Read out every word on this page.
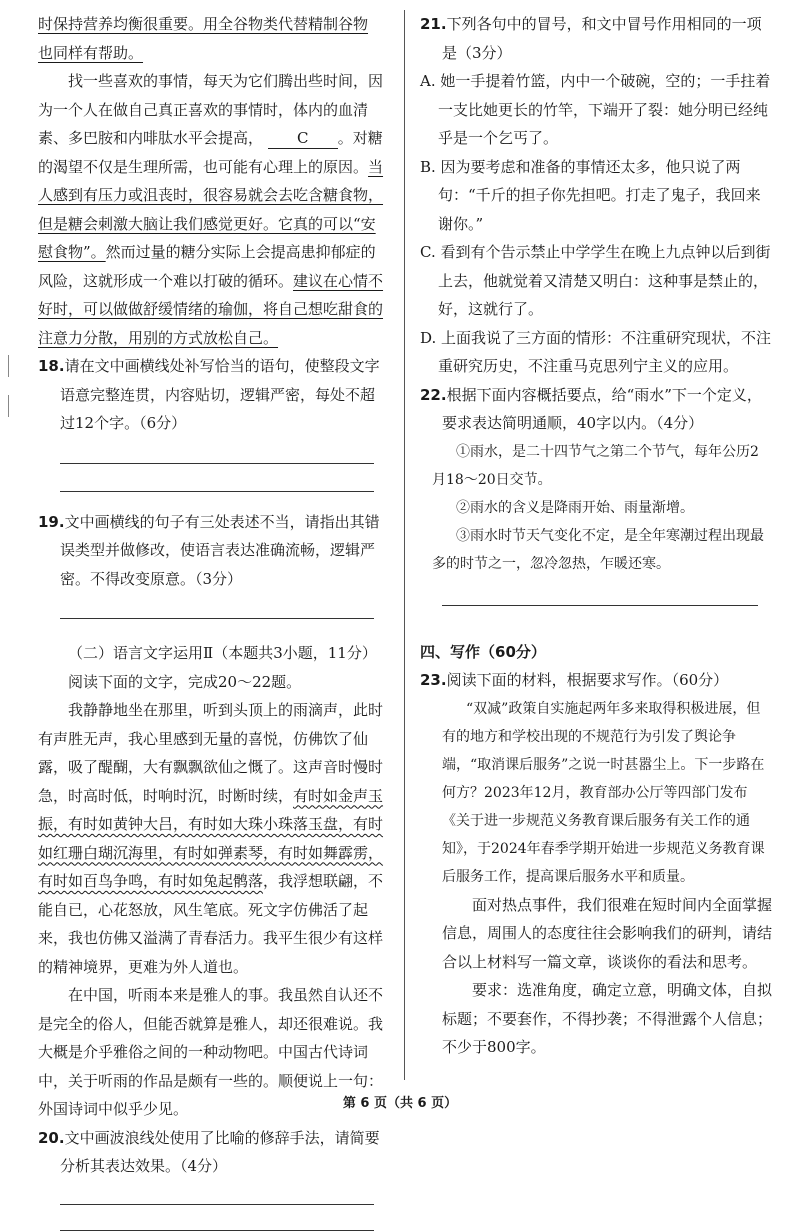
时保持营养均衡很重要。用全谷物类代替精制谷物
也同样有帮助。

找一些喜欢的事情，每天为它们腾出些时间，因为一个人在做自己真正喜欢的事情时，体内的血清素、多巴胺和内啡肽水平会提高， C 。对糖的渴望不仅是生理所需，也可能有心理上的原因。当人感到有压力或沮丧时，很容易就会去吃含糖食物，但是糖会刺激大脑让我们感觉更好。它真的可以“安慰食物”。然而过量的糖分实际上会提高患抑郁症的风险，这就形成一个难以打破的循环。建议在心情不好时，可以做做舒缓情绪的瑜伽，将自己想吃甜食的注意力分散，用别的方式放松自己。

18.请在文中画横线处补写恰当的语句，使整段文字语意完整连贯，内容贴切，逻辑严密，每处不超过12个字。（6分）
19.文中画横线的句子有三处表述不当，请指出其错误类型并做修改，使语言表达准确流畅，逻辑严密。不得改变原意。（3分）

（二）语言文字运用Ⅱ（本题共3小题，11分）

阅读下面的文字，完成20～22题。

我静静地坐在那里，听到头顶上的雨滴声，此时有声胜无声，我心里感到无量的喜悦，仿佛饮了仙露，吸了醍醐，大有飘飘欲仙之慨了。这声音时慢时急，时高时低，时响时沉，时断时续，有时如金声玉振，有时如黄钟大吕，有时如大珠小珠落玉盘，有时如红珊白瑚沉海里，有时如弹素琴，有时如舞霹雳，有时如百鸟争鸣，有时如兔起鹘落，我浮想联翩，不能自已，心花怒放，风生笔底。死文字仿佛活了起来，我也仿佛又溢满了青春活力。我平生很少有这样的精神境界，更难为外人道也。

在中国，听雨本来是雅人的事。我虽然自认还不是完全的俗人，但能否就算是雅人，却还很难说。我大概是介乎雅俗之间的一种动物吧。中国古代诗词中，关于听雨的作品是颇有一些的。顺便说上一句：外国诗词中似乎少见。

20.文中画波浪线处使用了比喻的修辞手法，请简要分析其表达效果。（4分）
21.下列各句中的冒号，和文中冒号作用相同的一项是（3分）

A. 她一手提着竹篮，内中一个破碗，空的；一手拄着一支比她更长的竹竿，下端开了裂：她分明已经纯乎是一个乞丐了。

B. 因为要考虑和准备的事情还太多，他只说了两句：“千斤的担子你先担吧。打走了鬼子，我回来谢你。”

C. 看到有个告示禁止中学学生在晚上九点钟以后到街上去，他就觉着又清楚又明白：这种事是禁止的，好，这就行了。

D. 上面我说了三方面的情形：不注重研究现状，不注重研究历史，不注重马克思列宁主义的应用。

22.根据下面内容概括要点，给“雨水”下一个定义，要求表达简明通顺，40字以内。（4分）

①雨水，是二十四节气之第二个节气，每年公历2月18～20日交节。

②雨水的含义是降雨开始、雨量渐增。

③雨水时节天气变化不定，是全年寒潮过程出现最多的时节之一，忽冷忽热，乍暖还寒。

四、写作（60分）

23.阅读下面的材料，根据要求写作。（60分）

“双减”政策自实施起两年多来取得积极进展，但有的地方和学校出现的不规范行为引发了舆论争端，“取消课后服务”之说一时甚嚣尘上。下一步路在何方？2023年12月，教育部办公厅等四部门发布《关于进一步规范义务教育课后服务有关工作的通知》，于2024年春季学期开始进一步规范义务教育课后服务工作，提高课后服务水平和质量。

面对热点事件，我们很难在短时间内全面掌握信息，周围人的态度往往会影响我们的研判，请结合以上材料写一篇文章，谈谈你的看法和思考。

要求：选准角度，确定立意，明确文体，自拟标题；不要套作，不得抄袭；不得泄露个人信息；不少于800字。

第 6 页（共 6 页）
